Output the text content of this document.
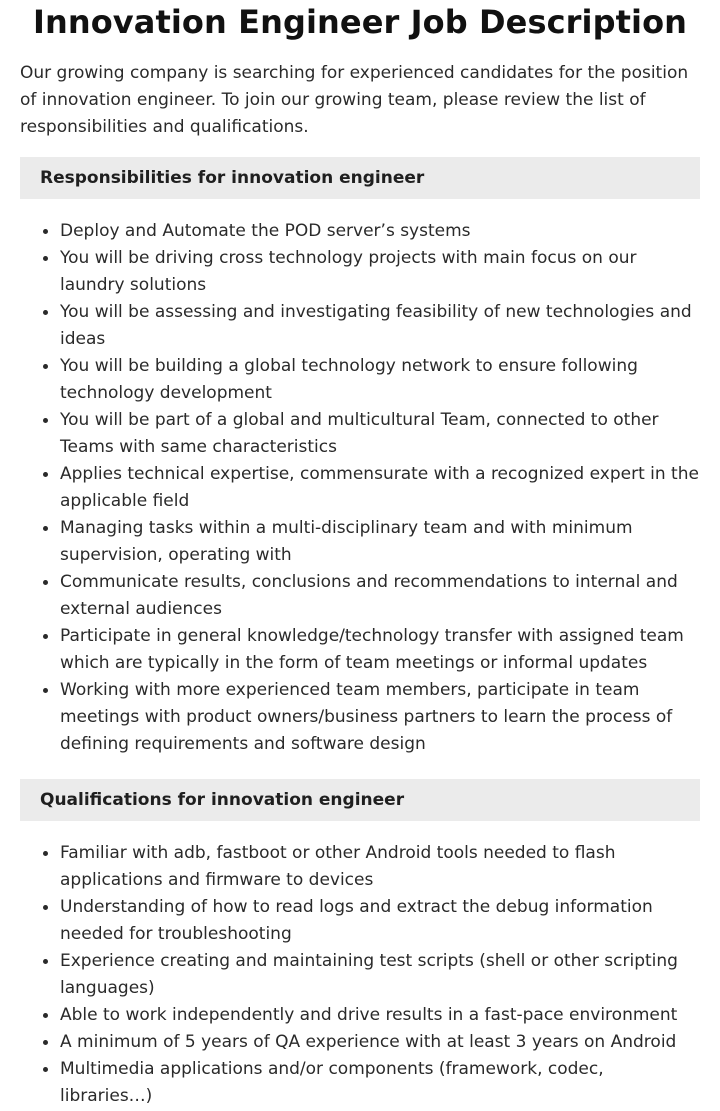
Innovation Engineer Job Description

Our growing company is searching for experienced candidates for the position of innovation engineer. To join our growing team, please review the list of responsibilities and qualifications.

Responsibilities for innovation engineer
Deploy and Automate the POD server’s systems
You will be driving cross technology projects with main focus on our laundry solutions
You will be assessing and investigating feasibility of new technologies and ideas
You will be building a global technology network to ensure following technology development
You will be part of a global and multicultural Team, connected to other Teams with same characteristics
Applies technical expertise, commensurate with a recognized expert in the applicable field
Managing tasks within a multi-disciplinary team and with minimum supervision, operating with
Communicate results, conclusions and recommendations to internal and external audiences
Participate in general knowledge/technology transfer with assigned team which are typically in the form of team meetings or informal updates
Working with more experienced team members, participate in team meetings with product owners/business partners to learn the process of defining requirements and software design
Qualifications for innovation engineer
Familiar with adb, fastboot or other Android tools needed to flash applications and firmware to devices
Understanding of how to read logs and extract the debug information needed for troubleshooting
Experience creating and maintaining test scripts (shell or other scripting languages)
Able to work independently and drive results in a fast-pace environment
A minimum of 5 years of QA experience with at least 3 years on Android
Multimedia applications and/or components (framework, codec, libraries…)
